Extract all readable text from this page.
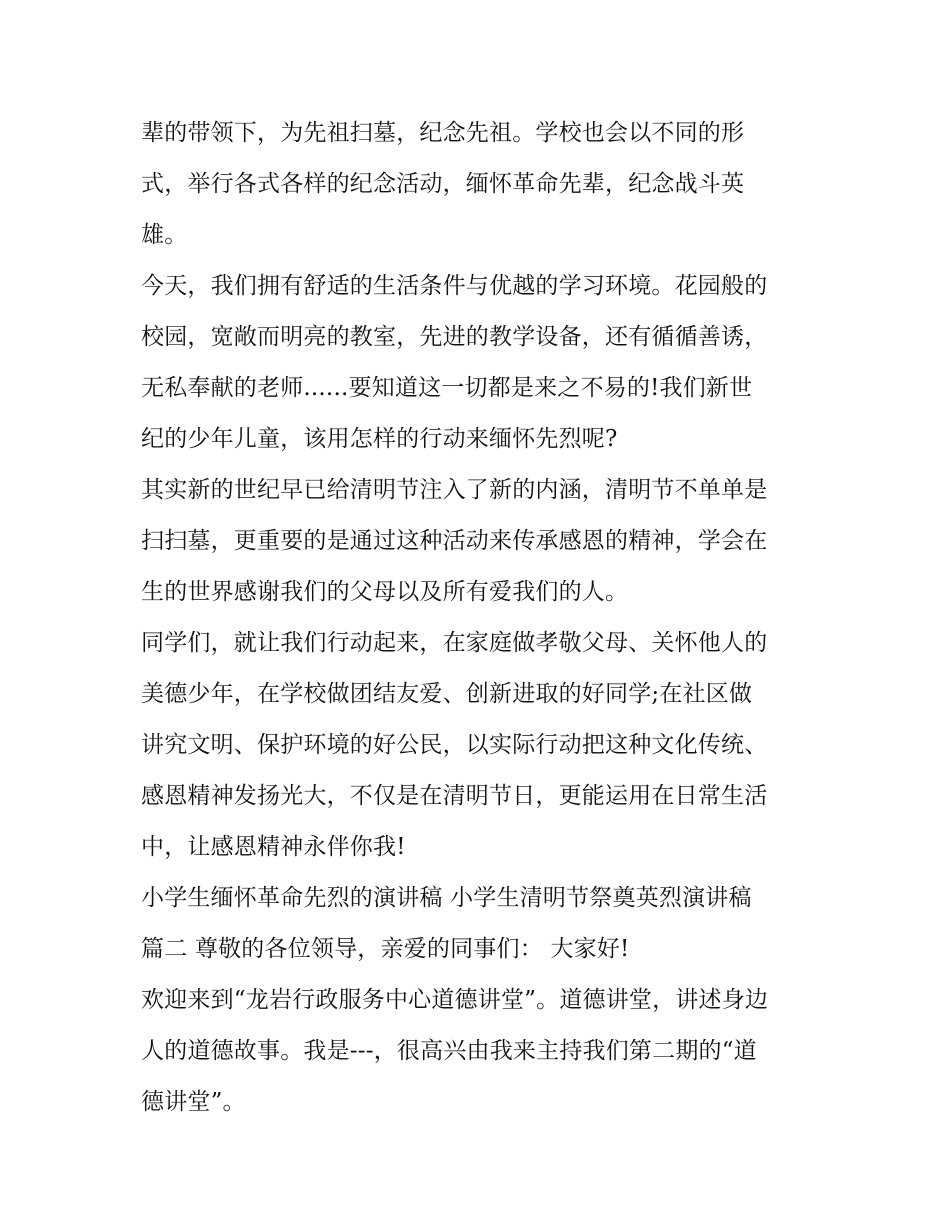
辈的带领下，为先祖扫墓，纪念先祖。学校也会以不同的形
式，举行各式各样的纪念活动，缅怀革命先辈，纪念战斗英
雄。
今天，我们拥有舒适的生活条件与优越的学习环境。花园般的
校园，宽敞而明亮的教室，先进的教学设备，还有循循善诱，
无私奉献的老师......要知道这一切都是来之不易的!我们新世
纪的少年儿童，该用怎样的行动来缅怀先烈呢?
其实新的世纪早已给清明节注入了新的内涵，清明节不单单是
扫扫墓，更重要的是通过这种活动来传承感恩的精神，学会在
生的世界感谢我们的父母以及所有爱我们的人。
同学们，就让我们行动起来，在家庭做孝敬父母、关怀他人的
美德少年，在学校做团结友爱、创新进取的好同学;在社区做
讲究文明、保护环境的好公民，以实际行动把这种文化传统、
感恩精神发扬光大，不仅是在清明节日，更能运用在日常生活
中，让感恩精神永伴你我!
小学生缅怀革命先烈的演讲稿 小学生清明节祭奠英烈演讲稿
篇二 尊敬的各位领导，亲爱的同事们： 大家好!
欢迎来到“龙岩行政服务中心道德讲堂”。道德讲堂，讲述身边
人的道德故事。我是---，很高兴由我来主持我们第二期的“道
德讲堂”。
